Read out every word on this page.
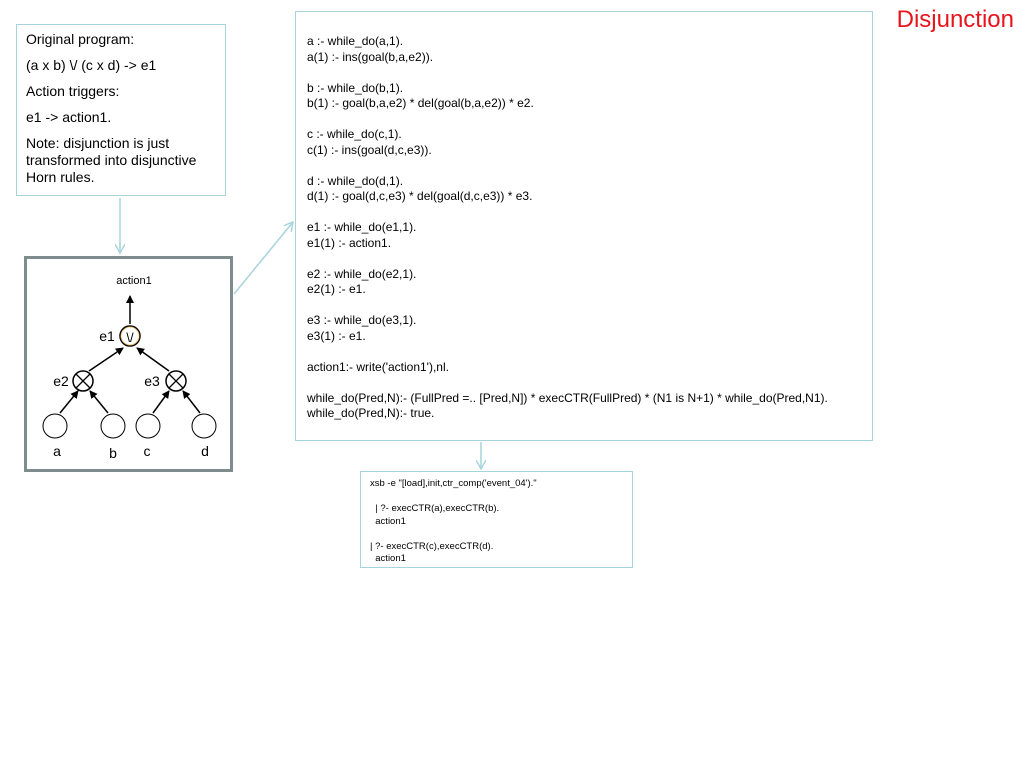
Disjunction

Original program:

(a x b) \/ (c x d) -> e1

Action triggers:

e1 -> action1.

Note: disjunction is just transformed into disjunctive Horn rules.

action1
\/
e1
e2	e3
a	b c	d
a :- while_do(a,1).
a(1) :- ins(goal(b,a,e2)).
b :- while_do(b,1).
b(1) :- goal(b,a,e2) * del(goal(b,a,e2)) * e2.
c :- while_do(c,1).
c(1) :- ins(goal(d,c,e3)).
d :- while_do(d,1).
d(1) :- goal(d,c,e3) * del(goal(d,c,e3)) * e3.
e1 :- while_do(e1,1).
e1(1) :- action1.
e2 :- while_do(e2,1).
e2(1) :- e1.
e3 :- while_do(e3,1).
e3(1) :- e1.
action1:- write('action1'),nl.
while_do(Pred,N):- (FullPred =.. [Pred,N]) * execCTR(FullPred) * (N1 is N+1) * while_do(Pred,N1).
while_do(Pred,N):- true.
xsb -e "[load],init,ctr_comp('event_04')."

| ?- execCTR(a),execCTR(b).
action1

| ?- execCTR(c),execCTR(d).
action1
